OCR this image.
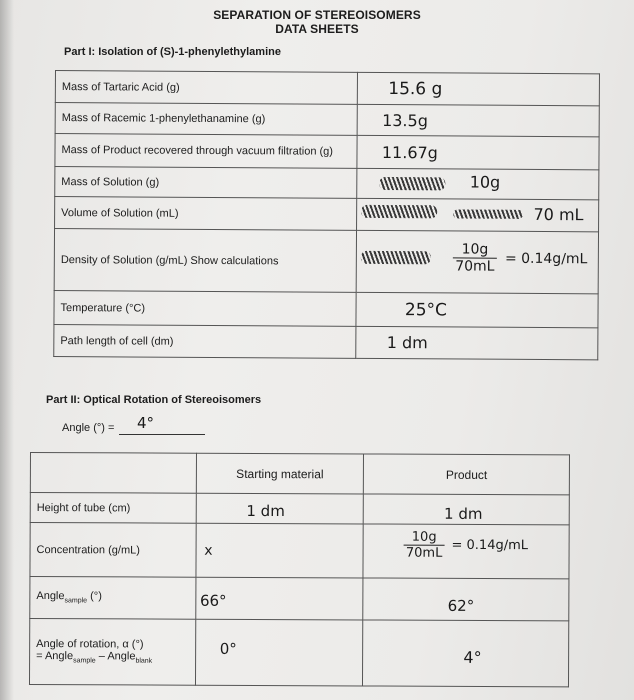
SEPARATION OF STEREOISOMERS
DATA SHEETS
Part I: Isolation of (S)-1-phenylethylamine
Mass of Tartaric Acid (g)	15.6 g
Mass of Racemic 1-phenylethanamine (g)	13.5g
Mass of Product recovered through vacuum filtration (g)	11.67g
Mass of Solution (g)	10g

Volume of Solution (mL)	70 mL

Density of Solution (g/mL) Show calculations	$\frac{10g}{70mL} = 0.14g/mL$

Temperature (°C)	25°C
Path length of cell (dm)	1 dm
Part II: Optical Rotation of Stereoisomers
Angle (°) = 4°
	Starting material	Product
Height of tube (cm)	1 dm	1 dm
Concentration (g/mL)	x	$\frac{10g}{70mL} = 0.14g/mL$

Angle$_{sample}$ (°)	66°	62°

Angle of rotation, α (°)
= Angle$_{sample}$ – Angle$_{blank}$	0°	4°
